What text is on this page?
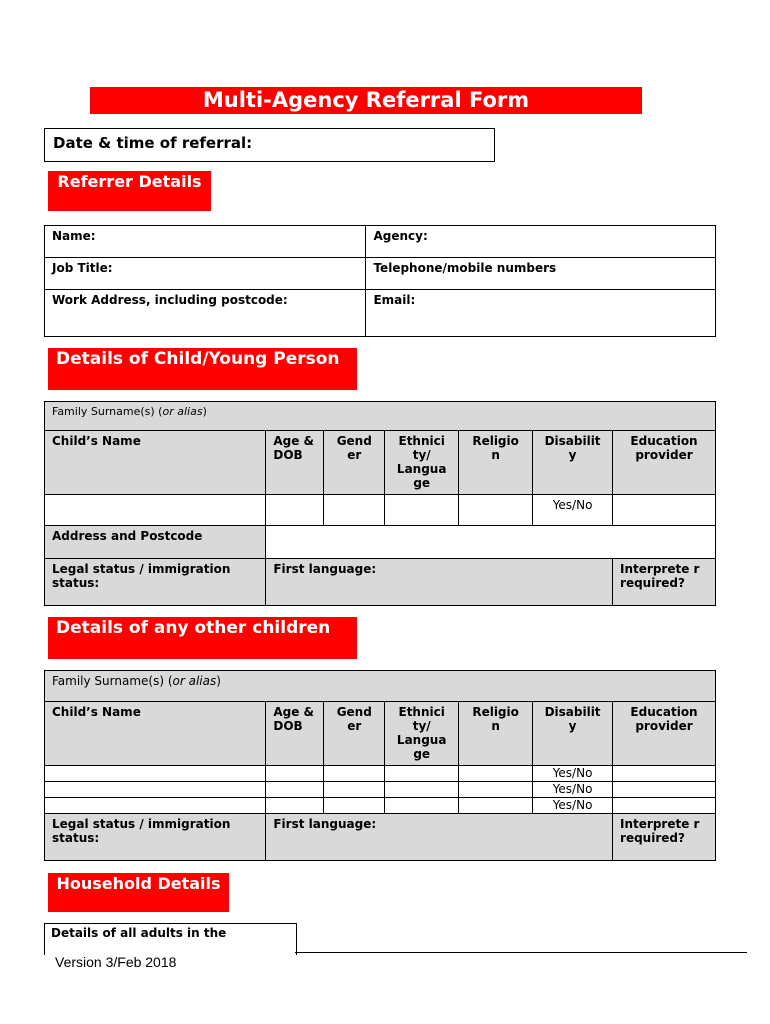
Multi-Agency Referral Form
Date & time of referral:
Referrer Details
Name:	Agency:
Job Title:	Telephone/mobile numbers
Work Address, including postcode:	Email:
Details of Child/Young Person
Family Surname(s) (or alias)						
Child’s Name	Age & DOB	Gend er	Ethnici ty/ Langua ge	Religio n	Disabilit y	Education provider
					Yes/No	
Address and Postcode						
Legal status / immigration status:	First language:					Interprete r required?
Details of any other children
Family Surname(s) (or alias)						
Child’s Name	Age & DOB	Gend er	Ethnici ty/ Langua ge	Religio n	Disabilit y	Education provider
					Yes/No	
					Yes/No	
					Yes/No	
Legal status / immigration status:	First language:					Interprete r required?
Household Details
Details of all adults in the
Version 3/Feb 2018
